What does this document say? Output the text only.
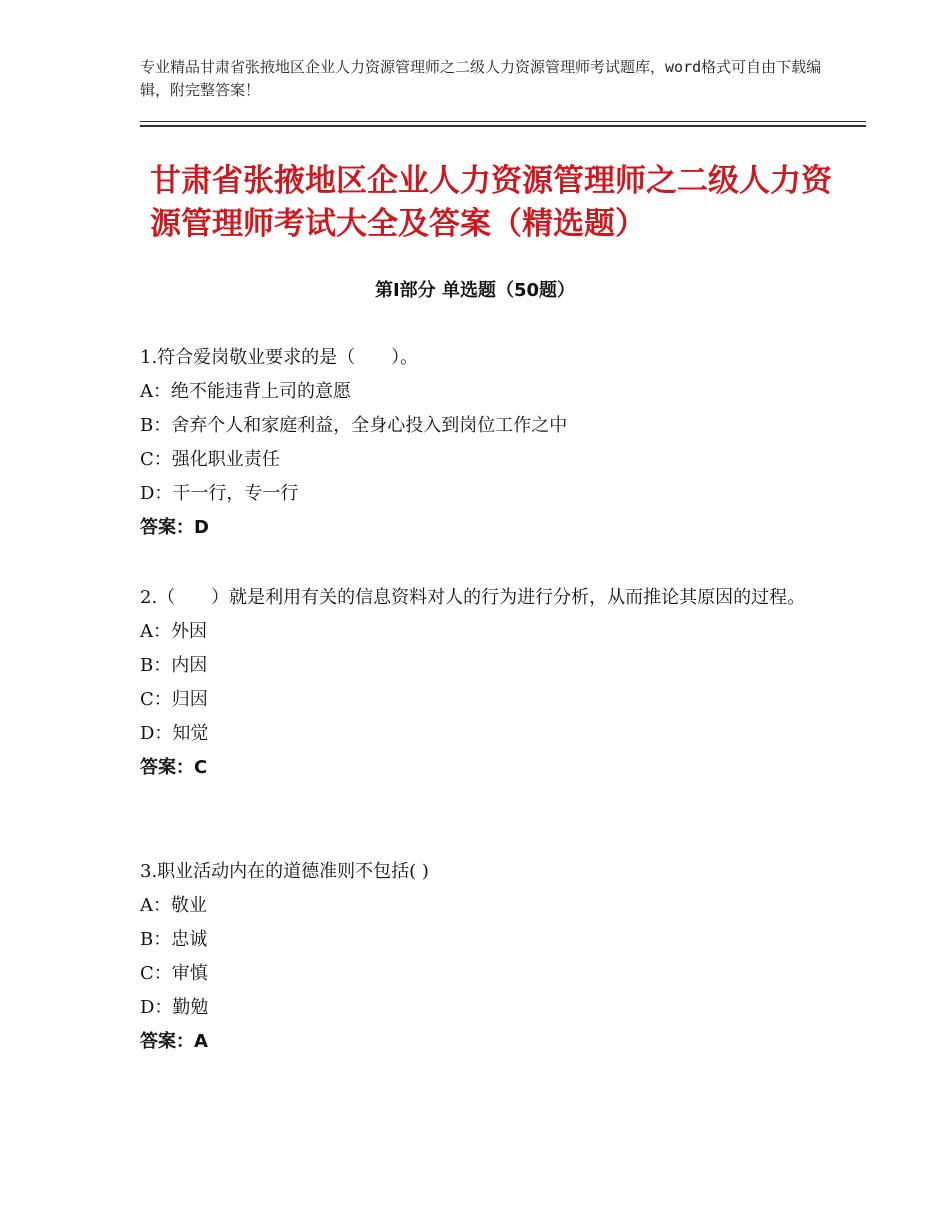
专业精品甘肃省张掖地区企业人力资源管理师之二级人力资源管理师考试题库，word格式可自由下载编辑，附完整答案！
甘肃省张掖地区企业人力资源管理师之二级人力资源管理师考试大全及答案（精选题）
第Ⅰ部分 单选题（50题）

1.符合爱岗敬业要求的是（　　）。

A：绝不能违背上司的意愿

B：舍弃个人和家庭利益，全身心投入到岗位工作之中

C：强化职业责任

D：干一行，专一行

答案：D

2.（　　）就是利用有关的信息资料对人的行为进行分析，从而推论其原因的过程。

A：外因

B：内因

C：归因

D：知觉

答案：C

3.职业活动内在的道德准则不包括( )

A：敬业

B：忠诚

C：审慎

D：勤勉

答案：A
